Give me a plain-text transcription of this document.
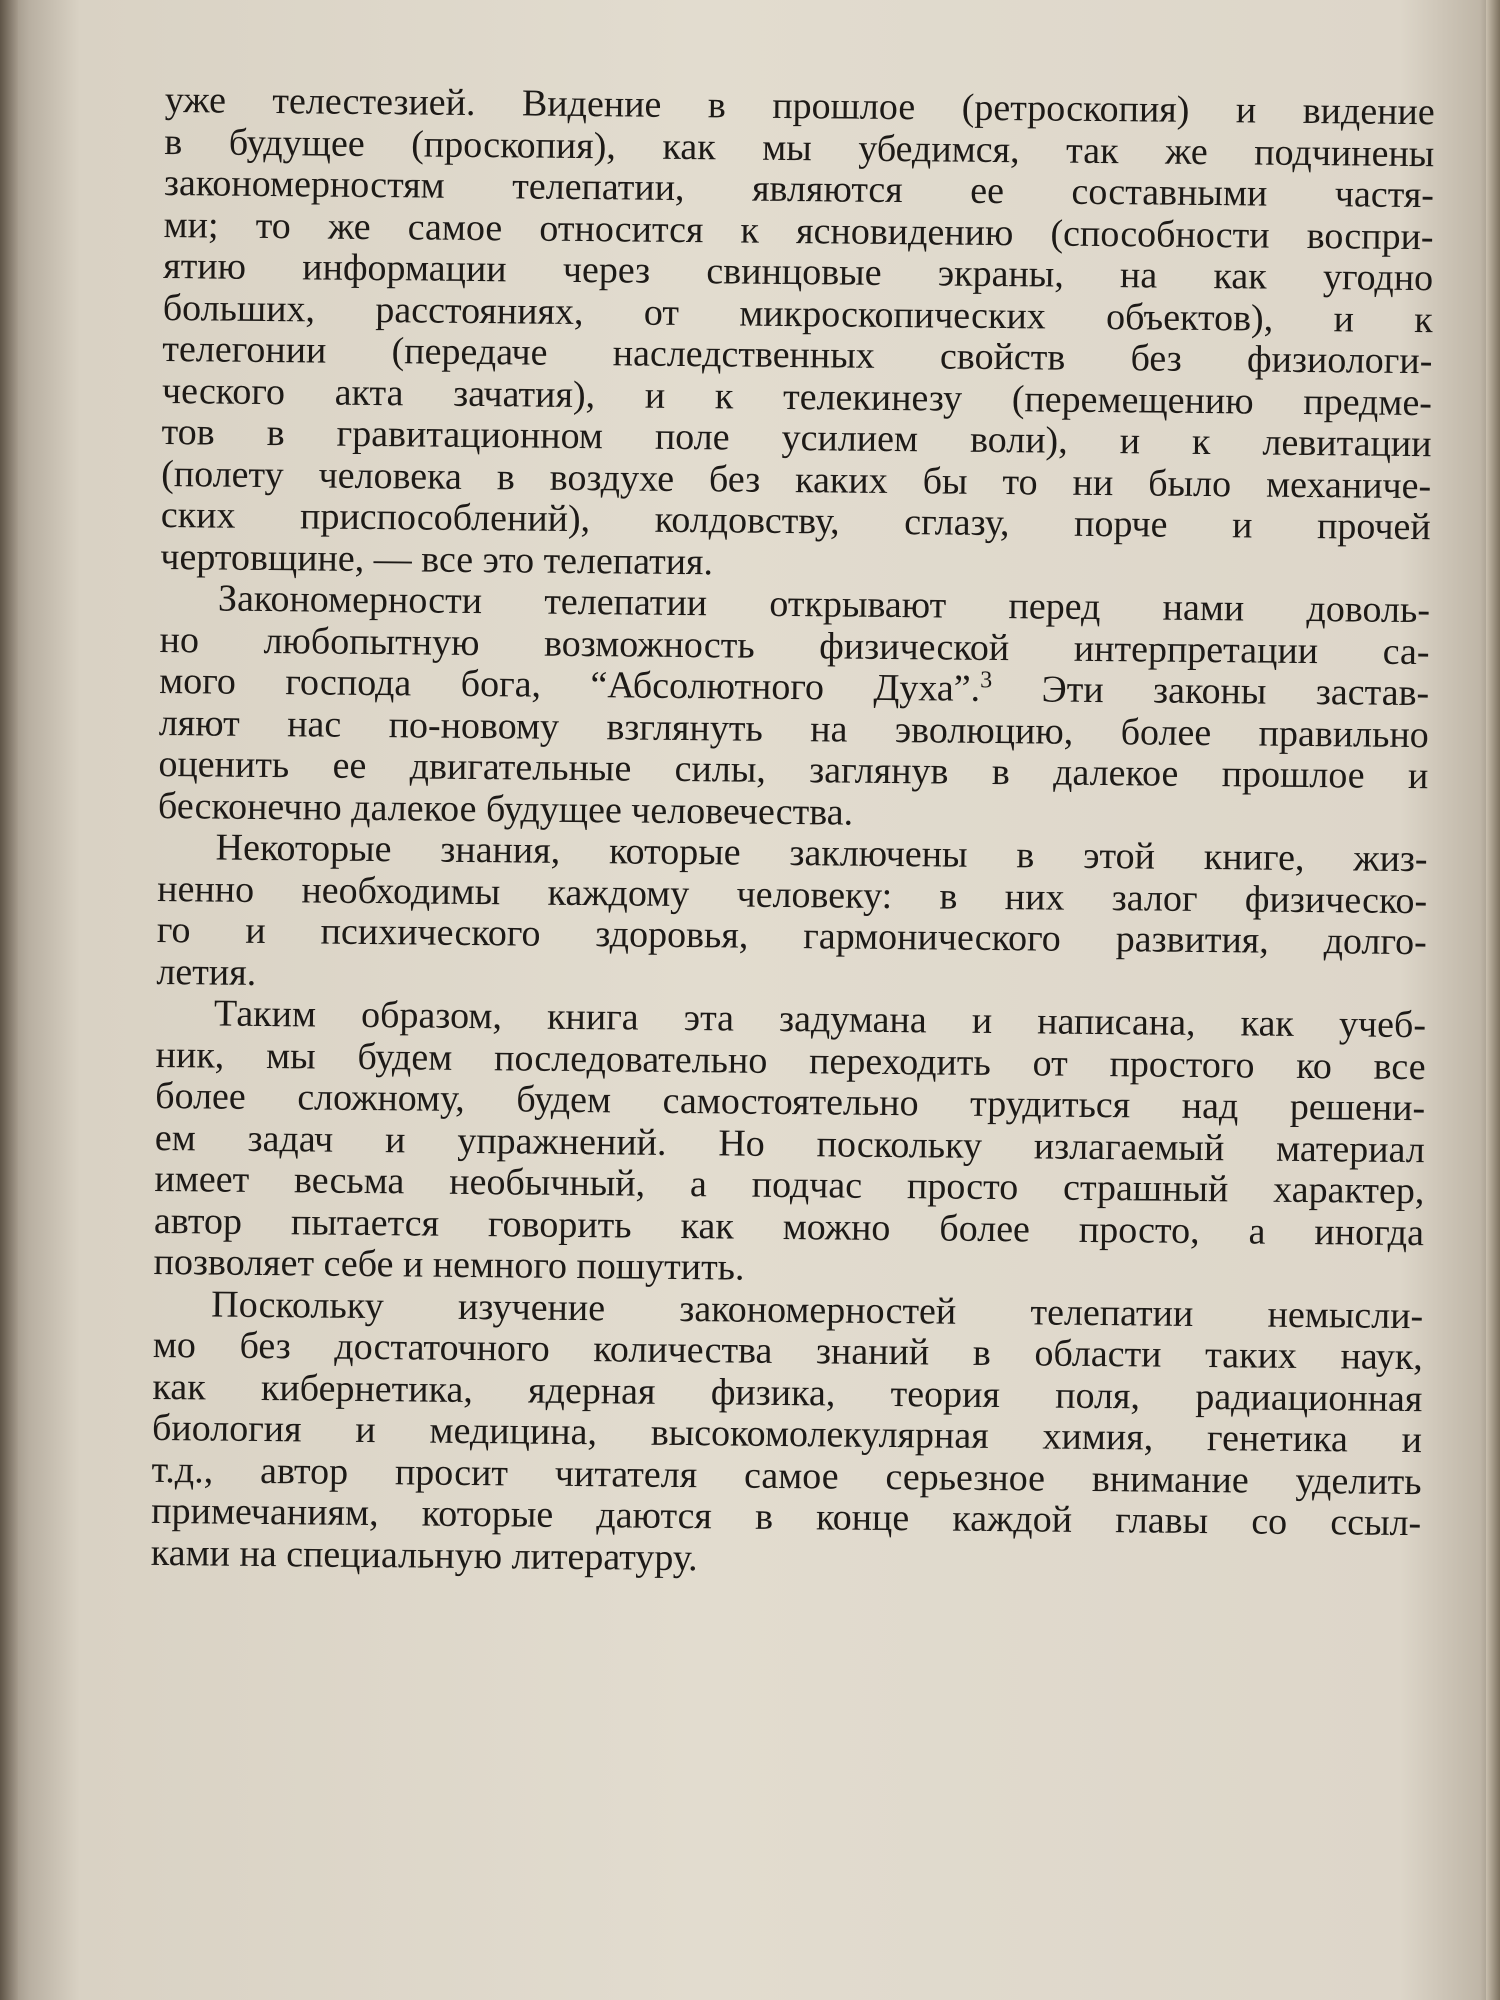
уже телестезией. Видение в прошлое (ретроскопия) и видение
в будущее (проскопия), как мы убедимся, так же подчинены
закономерностям телепатии, являются ее составными частя-
ми; то же самое относится к ясновидению (способности воспри-
ятию информации через свинцовые экраны, на как угодно
больших, расстояниях, от микроскопических объектов), и к
телегонии (передаче наследственных свойств без физиологи-
ческого акта зачатия), и к телекинезу (перемещению предме-
тов в гравитационном поле усилием воли), и к левитации
(полету человека в воздухе без каких бы то ни было механиче-
ских приспособлений), колдовству, сглазу, порче и прочей
чертовщине, — все это телепатия.
Закономерности телепатии открывают перед нами доволь-
но любопытную возможность физической интерпретации са-
мого господа бога, “Абсолютного Духа”.$^3$ Эти законы застав-
ляют нас по-новому взглянуть на эволюцию, более правильно
оценить ее двигательные силы, заглянув в далекое прошлое и
бесконечно далекое будущее человечества.
Некоторые знания, которые заключены в этой книге, жиз-
ненно необходимы каждому человеку: в них залог физическо-
го и психического здоровья, гармонического развития, долго-
летия.
Таким образом, книга эта задумана и написана, как учеб-
ник, мы будем последовательно переходить от простого ко все
более сложному, будем самостоятельно трудиться над решени-
ем задач и упражнений. Но поскольку излагаемый материал
имеет весьма необычный, а подчас просто страшный характер,
автор пытается говорить как можно более просто, а иногда
позволяет себе и немного пошутить.
Поскольку изучение закономерностей телепатии немысли-
мо без достаточного количества знаний в области таких наук,
как кибернетика, ядерная физика, теория поля, радиационная
биология и медицина, высокомолекулярная химия, генетика и
т.д., автор просит читателя самое серьезное внимание уделить
примечаниям, которые даются в конце каждой главы со ссыл-
ками на специальную литературу.
